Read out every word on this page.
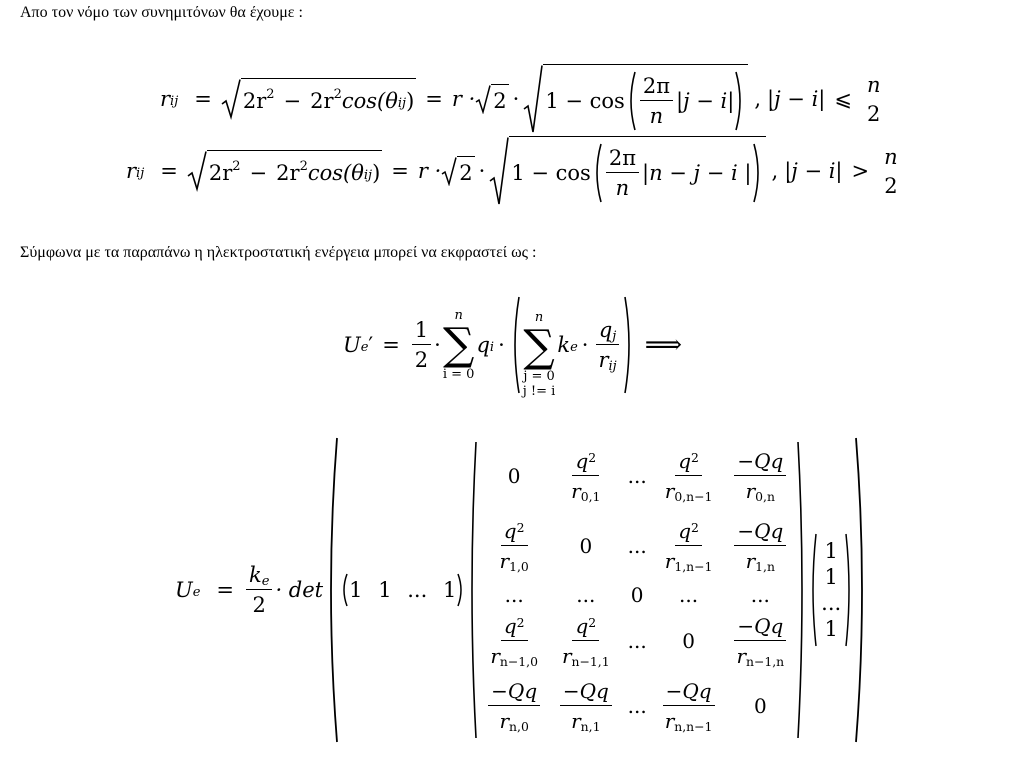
Απο τον νόμο των συνημιτόνων θα έχουμε :
$r_{ij} = 2r^2 - 2r^2$ $\cos(\theta_{ij}$ ) = $r \cdot 2 \cdot 1 - \cos \frac{2\pi}{n} |j - i|$ , |j − i| ⩽
n
2
$r_{ij} = 2r^2 - 2r^2$ $\cos(\theta_{ij}$ ) = $r \cdot 2 \cdot 1 - \cos \frac{2\pi}{n} |n - j - i$ | , |j − i| >
n
2
Σύμφωνα με τα παραπάνω η ηλεκτροστατική ενέργεια μπορεί να εκφραστεί ως :
$U_e$ ′ = $\frac{1}{2}$ ·
n
∑
i = 0
$q_i$ ·
n
∑
j = 0
j != i
$k_e \cdot \frac{q_j}{r_{ij}}$ ⟹
$U_e = \frac{k_e}{2} \cdot \det 1$ 1 ... 1
0	$\frac{q^2}{r_{0,1}}$	...	$\frac{q^2}{r_{0,n-1}}$	$\frac{-Qq}{r_{0,n}}$

$\frac{q^2}{r_{1,0}}$	0	...	$\frac{q^2}{r_{1,n-1}}$	$\frac{-Qq}{r_{1,n}}$

...	...	0	...	...

$\frac{q^2}{r_{n-1,0}}$	$\frac{q^2}{r_{n-1,1}}$	...	0	$\frac{-Qq}{r_{n-1,n}}$

$\frac{-Qq}{r_{n,0}}$	$\frac{-Qq}{r_{n,1}}$	...	$\frac{-Qq}{r_{n,n-1}}$	0
1
1
...
1
